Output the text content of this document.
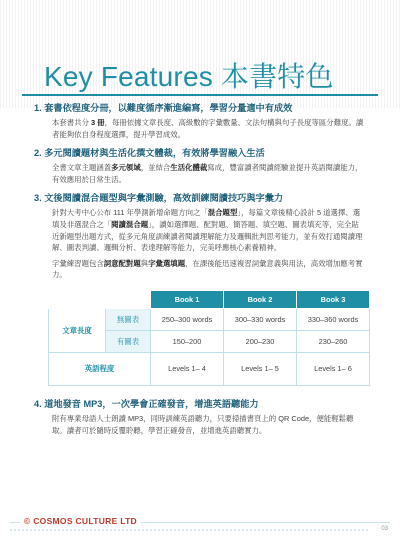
Key Features 本書特色
1. 套書依程度分冊，以難度循序漸進編寫，學習分量適中有成效
本套書共分 3 冊，每冊依據文章長度、高級數的字彙數量、文法句構與句子長度等區分難度。讀者能夠依自身程度選擇，提升學習成效。
2. 多元閱讀題材與生活化撰文體裁，有效將學習融入生活
全書文章主題涵蓋多元領域，並結合生活化體裁寫成，豐富讀者閱讀經驗並提升英語閱讀能力，有效應用於日常生活。
3. 文後閱讀混合題型與字彙測驗，高效訓練閱讀技巧與字彙力
針對大考中心公布 111 年學測新增命題方向之「混合題型」，每篇文章後精心設計 5 道選擇、選填及非選混合之「閱讀混合題」，讀如選擇題、配對題、簡答題、填空題、圖表填充等，完全貼近新題型出題方式，從多元角度訓練讀者閱讀理解能力及邏輯批判思考能力，並有效打通閱讀理解、圖表判讀、邏輯分析、表達理解等能力，完美呼應核心素養精神。
字彙練習題包含詞意配對題與字彙選填題，在課後能迅速複習詞彙意義與用法，高效增加應考實力。
		Book 1	Book 2	Book 3
文章長度	無圖表	250–300 words	300–330 words	330–360 words
	有圖表	150–200	200–230	230–260
英語程度		Levels 1– 4	Levels 1– 5	Levels 1– 6
4. 道地發音 MP3，一次學會正確發音，增進英語聽能力
附有專業母語人士朗讀 MP3，同時訓練英語聽力，只要掃描書頁上的 QR Code，便能輕鬆聽取。讀者可於隨時反覆聆聽，學習正確發音，並增進英語聽實力。
© COSMOS CULTURE LTD
03
